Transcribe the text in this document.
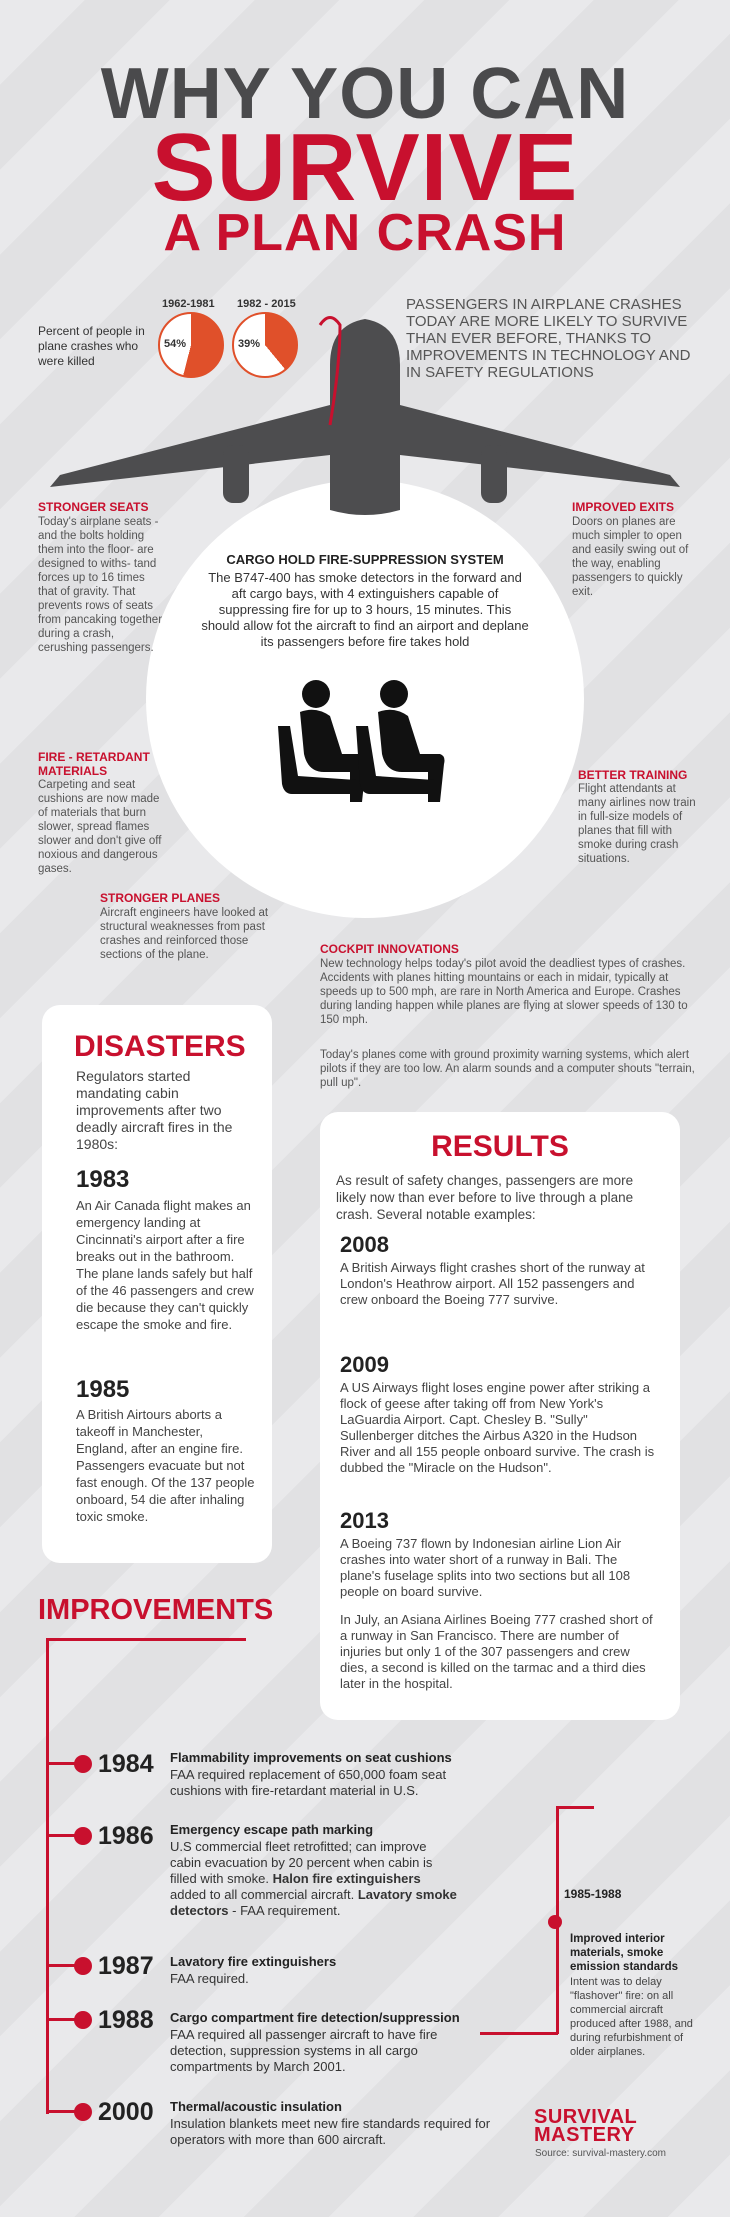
WHY YOU CAN
SURVIVE
A PLAN CRASH
Percent of people in plane crashes who were killed
1962-1981 1982 - 2015
54%	39%
PASSENGERS IN AIRPLANE CRASHES TODAY ARE MORE LIKELY TO SURVIVE THAN EVER BEFORE, THANKS TO IMPROVEMENTS IN TECHNOLOGY AND IN SAFETY REGULATIONS
STRONGER SEATS
Today's airplane seats - and the bolts holding them into the floor- are designed to withs- tand forces up to 16 times that of gravity. That prevents rows of seats from pancaking together during a crash, cerushing passengers.
IMPROVED EXITS
Doors on planes are much simpler to open and easily swing out of the way, enabling passengers to quickly exit.
CARGO HOLD FIRE-SUPPRESSION SYSTEM
The B747-400 has smoke detectors in the forward and aft cargo bays, with 4 extinguishers capable of suppressing fire for up to 3 hours, 15 minutes. This should allow fot the aircraft to find an airport and deplane its passengers before fire takes hold
FIRE - RETARDANT MATERIALS
Carpeting and seat cushions are now made of materials that burn slower, spread flames slower and don't give off noxious and dangerous gases.
BETTER TRAINING
Flight attendants at many airlines now train in full-size models of planes that fill with smoke during crash situations.
STRONGER PLANES
Aircraft engineers have looked at structural weaknesses from past crashes and reinforced those sections of the plane.	COCKPIT INNOVATIONS
New technology helps today's pilot avoid the deadliest types of crashes. Accidents with planes hitting mountains or each in midair, typically at speeds up to 500 mph, are rare in North America and Europe. Crashes during landing happen while planes are flying at slower speeds of 130 to 150 mph.
Today's planes come with ground proximity warning systems, which alert pilots if they are too low. An alarm sounds and a computer shouts "terrain, pull up".
DISASTERS
Regulators started mandating cabin improvements after two deadly aircraft fires in the 1980s:
1983
An Air Canada flight makes an emergency landing at Cincinnati's airport after a fire breaks out in the bathroom. The plane lands safely but half of the 46 passengers and crew die because they can't quickly escape the smoke and fire.
1985
A British Airtours aborts a takeoff in Manchester, England, after an engine fire. Passengers evacuate but not fast enough. Of the 137 people onboard, 54 die after inhaling toxic smoke.
RESULTS
As result of safety changes, passengers are more likely now than ever before to live through a plane crash. Several notable examples:
2008
A British Airways flight crashes short of the runway at London's Heathrow airport. All 152 passengers and crew onboard the Boeing 777 survive.
2009
A US Airways flight loses engine power after striking a flock of geese after taking off from New York's LaGuardia Airport. Capt. Chesley B. "Sully" Sullenberger ditches the Airbus A320 in the Hudson River and all 155 people onboard survive. The crash is dubbed the "Miracle on the Hudson".
2013
A Boeing 737 flown by Indonesian airline Lion Air crashes into water short of a runway in Bali. The plane's fuselage splits into two sections but all 108 people on board survive.
In July, an Asiana Airlines Boeing 777 crashed short of a runway in San Francisco. There are number of injuries but only 1 of the 307 passengers and crew dies, a second is killed on the tarmac and a third dies later in the hospital.
IMPROVEMENTS
1984 Flammability improvements on seat cushions
FAA required replacement of 650,000 foam seat cushions with fire-retardant material in U.S.
1986 Emergency escape path marking
U.S commercial fleet retrofitted; can improve cabin evacuation by 20 percent when cabin is filled with smoke. Halon fire extinguishers added to all commercial aircraft. Lavatory smoke detectors - FAA requirement.
1987 Lavatory fire extinguishers
FAA required.
1988 Cargo compartment fire detection/suppression
FAA required all passenger aircraft to have fire detection, suppression systems in all cargo compartments by March 2001.
2000 Thermal/acoustic insulation
Insulation blankets meet new fire standards required for operators with more than 600 aircraft.
1985-1988
Improved interior materials, smoke emission standards
Intent was to delay "flashover" fire: on all commercial aircraft produced after 1988, and during refurbishment of older airplanes.
SURVIVAL
MASTERY
Source: survival-mastery.com
